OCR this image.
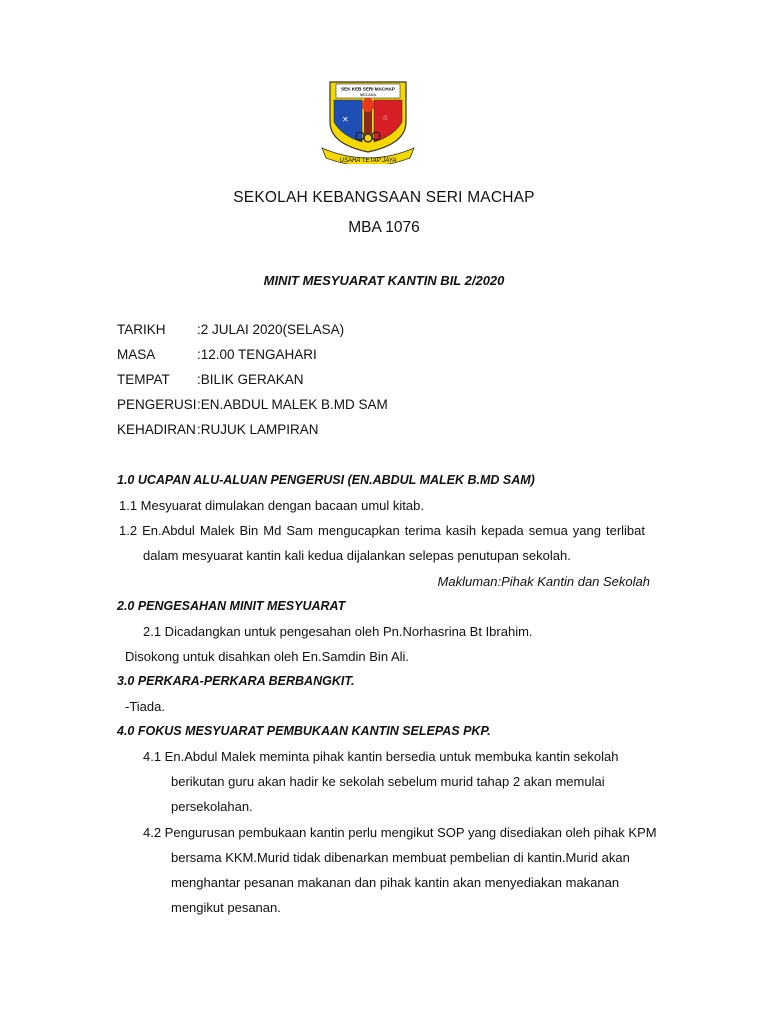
SEK KEB SERI MACHAP
MELAKA
✕	☆
USAHA TETAP JAYA
SEKOLAH KEBANGSAAN SERI MACHAP
MBA 1076
MINIT MESYUARAT KANTIN BIL 2/2020
TARIKH :2 JULAI 2020(SELASA)
MASA	:12.00 TENGAHARI
TEMPAT :BILIK GERAKAN
PENGERUSI:EN.ABDUL MALEK B.MD SAM
KEHADIRAN:RUJUK LAMPIRAN
1.0 UCAPAN ALU-ALUAN PENGERUSI (EN.ABDUL MALEK B.MD SAM)
1.1 Mesyuarat dimulakan dengan bacaan umul kitab.
1.2 En.Abdul Malek Bin Md Sam mengucapkan terima kasih kepada semua yang terlibat
dalam mesyuarat kantin kali kedua dijalankan selepas penutupan sekolah.
Makluman:Pihak Kantin dan Sekolah
2.0 PENGESAHAN MINIT MESYUARAT
2.1 Dicadangkan untuk pengesahan oleh Pn.Norhasrina Bt Ibrahim.
Disokong untuk disahkan oleh En.Samdin Bin Ali.
3.0 PERKARA-PERKARA BERBANGKIT.
-Tiada.
4.0 FOKUS MESYUARAT PEMBUKAAN KANTIN SELEPAS PKP.
4.1 En.Abdul Malek meminta pihak kantin bersedia untuk membuka kantin sekolah
berikutan guru akan hadir ke sekolah sebelum murid tahap 2 akan memulai
persekolahan.
4.2 Pengurusan pembukaan kantin perlu mengikut SOP yang disediakan oleh pihak KPM
bersama KKM.Murid tidak dibenarkan membuat pembelian di kantin.Murid akan
menghantar pesanan makanan dan pihak kantin akan menyediakan makanan
mengikut pesanan.
